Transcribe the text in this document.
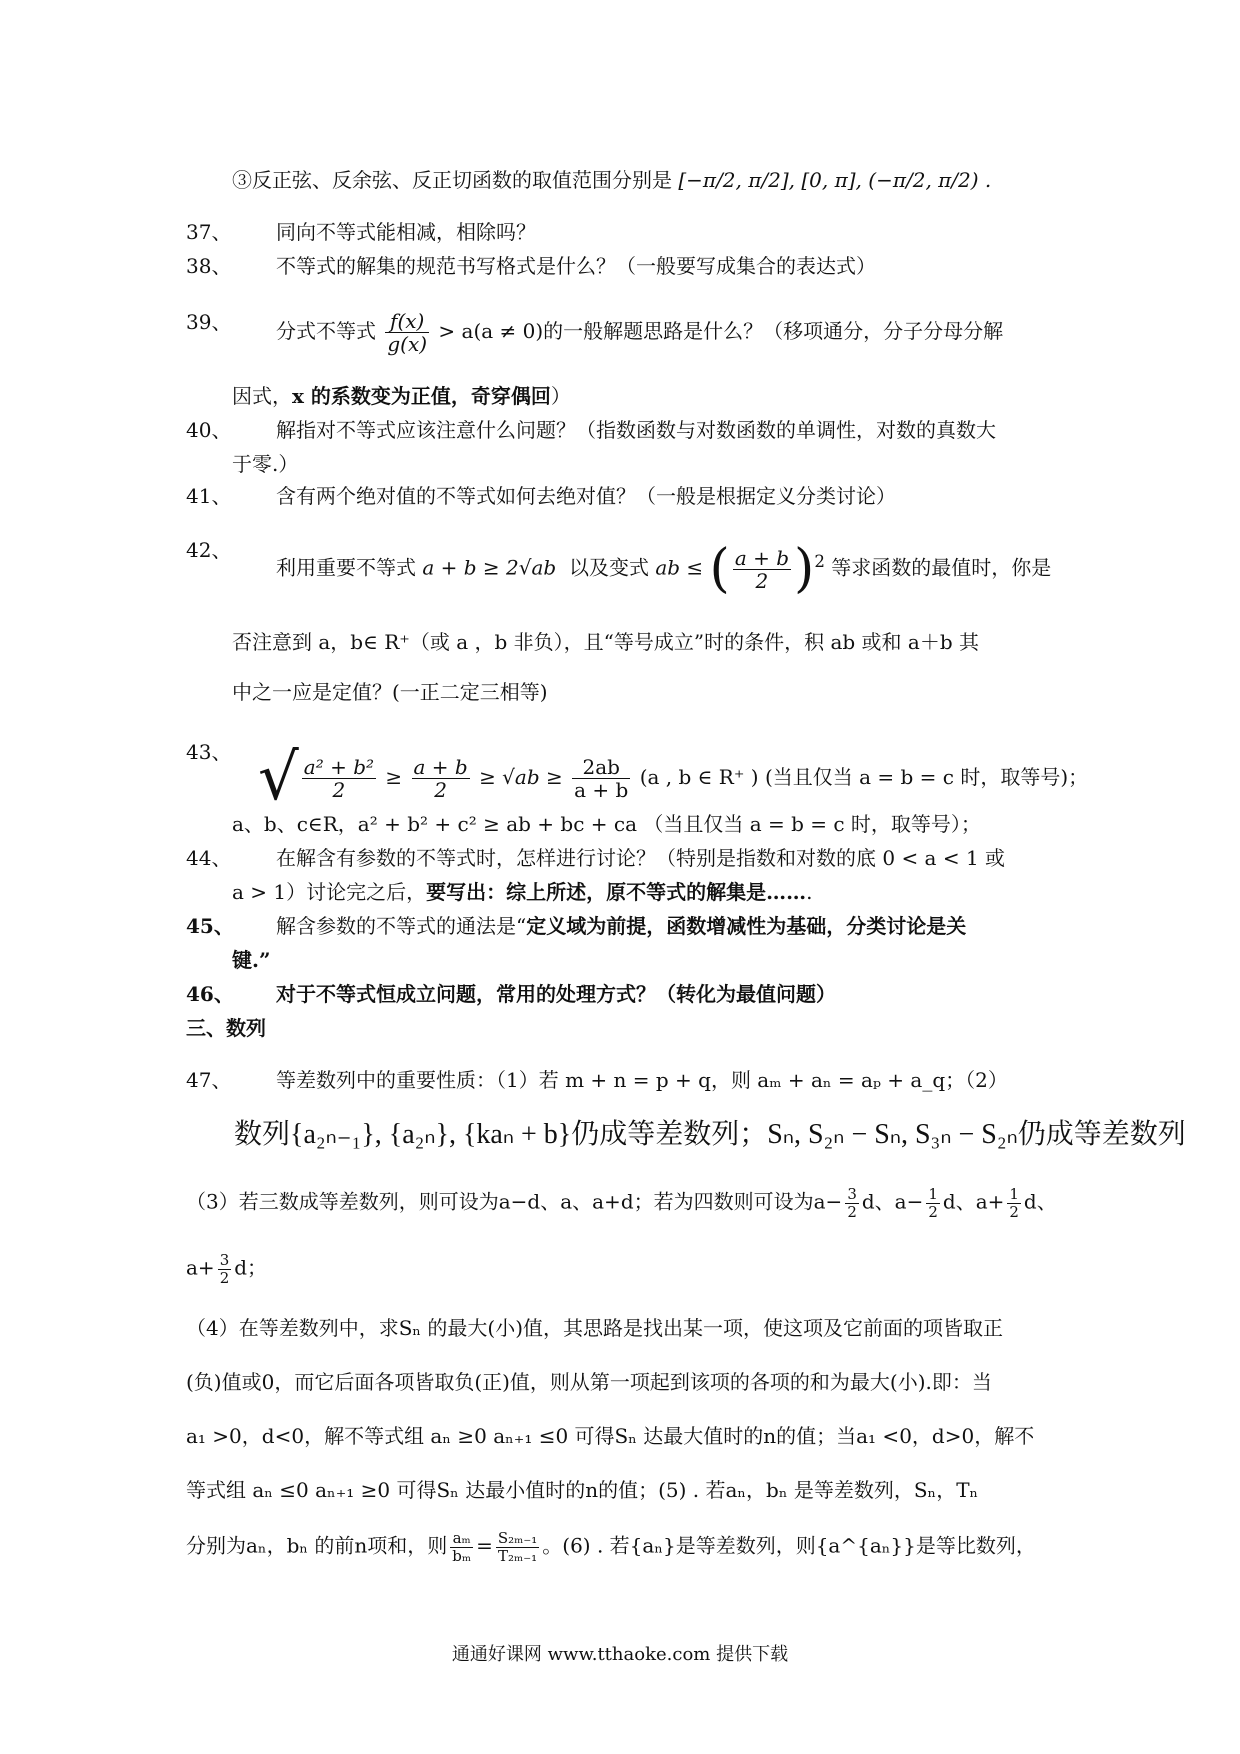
③反正弦、反余弦、反正切函数的取值范围分别是 [−π/2, π/2], [0, π], (−π/2, π/2) .
37、 同向不等式能相减，相除吗？
38、 不等式的解集的规范书写格式是什么？（一般要写成集合的表达式）
39、 分式不等式 $\frac{f(x)}{g(x)} > a(a \ne 0)$的一般解题思路是什么？（移项通分，分子分母分解
因式，x 的系数变为正值，奇穿偶回）
40、 解指对不等式应该注意什么问题？（指数函数与对数函数的单调性，对数的真数大
于零.）
41、 含有两个绝对值的不等式如何去绝对值？（一般是根据定义分类讨论）
42、
利用重要不等式 a + b ≥ 2√ab 以及变式 ab ≤ ( $\frac{a + b}{2} )^2$ 等求函数的最值时，你是
否注意到 a，b∈ R⁺（或 a ，b 非负），且“等号成立”时的条件，积 ab 或和 a＋b 其
中之一应是定值？(一正二定三相等)
43、 √ $\frac{\text{a² + b²}}{2} \ge \frac{a + b}{2} \ge √ab \ge \frac{2ab}{a + b} (a$ , b ∈ R⁺ ) (当且仅当 a = b = c 时，取等号)；
a、b、c∈R，a² + b² + c² ≥ ab + bc + ca （当且仅当 a = b = c 时，取等号）；
44、 在解含有参数的不等式时，怎样进行讨论？（特别是指数和对数的底 0 < a < 1 或
a > 1）讨论完之后，要写出：综上所述，原不等式的解集是…….
45、 解含参数的不等式的通法是“定义域为前提，函数增减性为基础，分类讨论是关
键.”
46、 对于不等式恒成立问题，常用的处理方式？（转化为最值问题）
三、数列
47、 等差数列中的重要性质：（1）若 m + n = p + q，则 aₘ + aₙ = aₚ + a_q；（2）
数列{a₂ₙ₋₁}, {a₂ₙ}, {kaₙ + b}仍成等差数列；Sₙ, S₂ₙ − Sₙ, S₃ₙ − S₂ₙ仍成等差数列
（3）若三数成等差数列，则可设为a−d、a、a+d；若为四数则可设为$a- \frac{3}{2}$ d、$a- \frac{1}{2}$ d、$a+ \frac{1}{2}$ d、
$a+ \frac{3}{2}$ d；
（4）在等差数列中，求Sₙ 的最大(小)值，其思路是找出某一项，使这项及它前面的项皆取正
(负)值或0，而它后面各项皆取负(正)值，则从第一项起到该项的各项的和为最大(小).即：当
a₁ >0，d<0，解不等式组 aₙ ≥0 aₙ₊₁ ≤0 可得Sₙ 达最大值时的n的值；当a₁ <0，d>0，解不
等式组 aₙ ≤0 aₙ₊₁ ≥0 可得Sₙ 达最小值时的n的值；(5) . 若aₙ，bₙ 是等差数列，Sₙ，Tₙ
分别为aₙ，bₙ 的前n项和，则 $\frac{\text{aₘ}}{\text{bₘ}} = \frac{\text{S₂ₘ₋₁}}{\text{T₂ₘ₋₁}}$ 。(6) . 若{aₙ}是等差数列，则{a^{aₙ}}是等比数列，
通通好课网 www.tthaoke.com 提供下载
